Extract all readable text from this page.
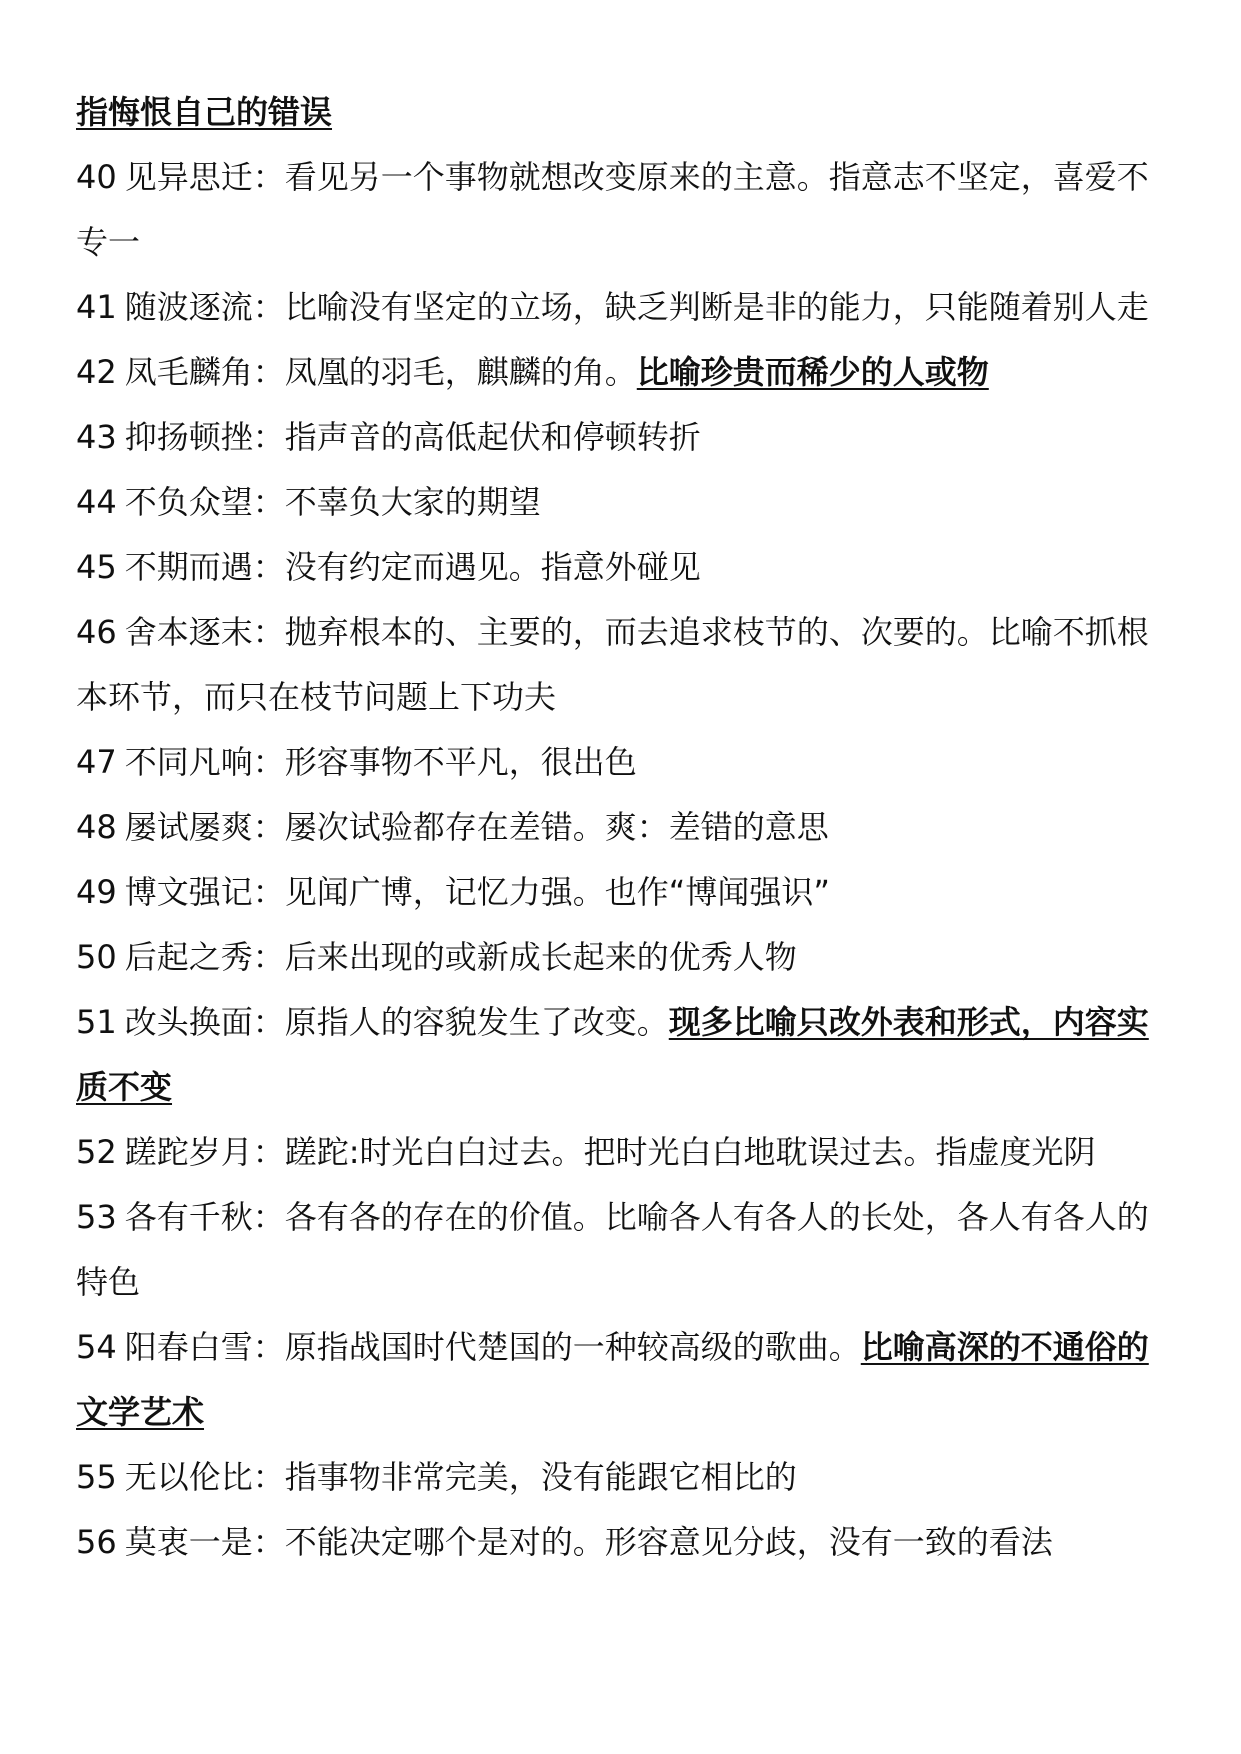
指悔恨自己的错误

40 见异思迁：看见另一个事物就想改变原来的主意。指意志不坚定，喜爱不专一

41 随波逐流：比喻没有坚定的立场，缺乏判断是非的能力，只能随着别人走

42 凤毛麟角：凤凰的羽毛，麒麟的角。比喻珍贵而稀少的人或物

43 抑扬顿挫：指声音的高低起伏和停顿转折

44 不负众望：不辜负大家的期望

45 不期而遇：没有约定而遇见。指意外碰见

46 舍本逐末：抛弃根本的、主要的，而去追求枝节的、次要的。比喻不抓根本环节，而只在枝节问题上下功夫

47 不同凡响：形容事物不平凡，很出色

48 屡试屡爽：屡次试验都存在差错。爽：差错的意思

49 博文强记：见闻广博，记忆力强。也作“博闻强识”

50 后起之秀：后来出现的或新成长起来的优秀人物

51 改头换面：原指人的容貌发生了改变。现多比喻只改外表和形式，内容实质不变

52 蹉跎岁月：蹉跎:时光白白过去。把时光白白地耽误过去。指虚度光阴

53 各有千秋：各有各的存在的价值。比喻各人有各人的长处，各人有各人的特色

54 阳春白雪：原指战国时代楚国的一种较高级的歌曲。比喻高深的不通俗的文学艺术

55 无以伦比：指事物非常完美，没有能跟它相比的

56 莫衷一是：不能决定哪个是对的。形容意见分歧，没有一致的看法
